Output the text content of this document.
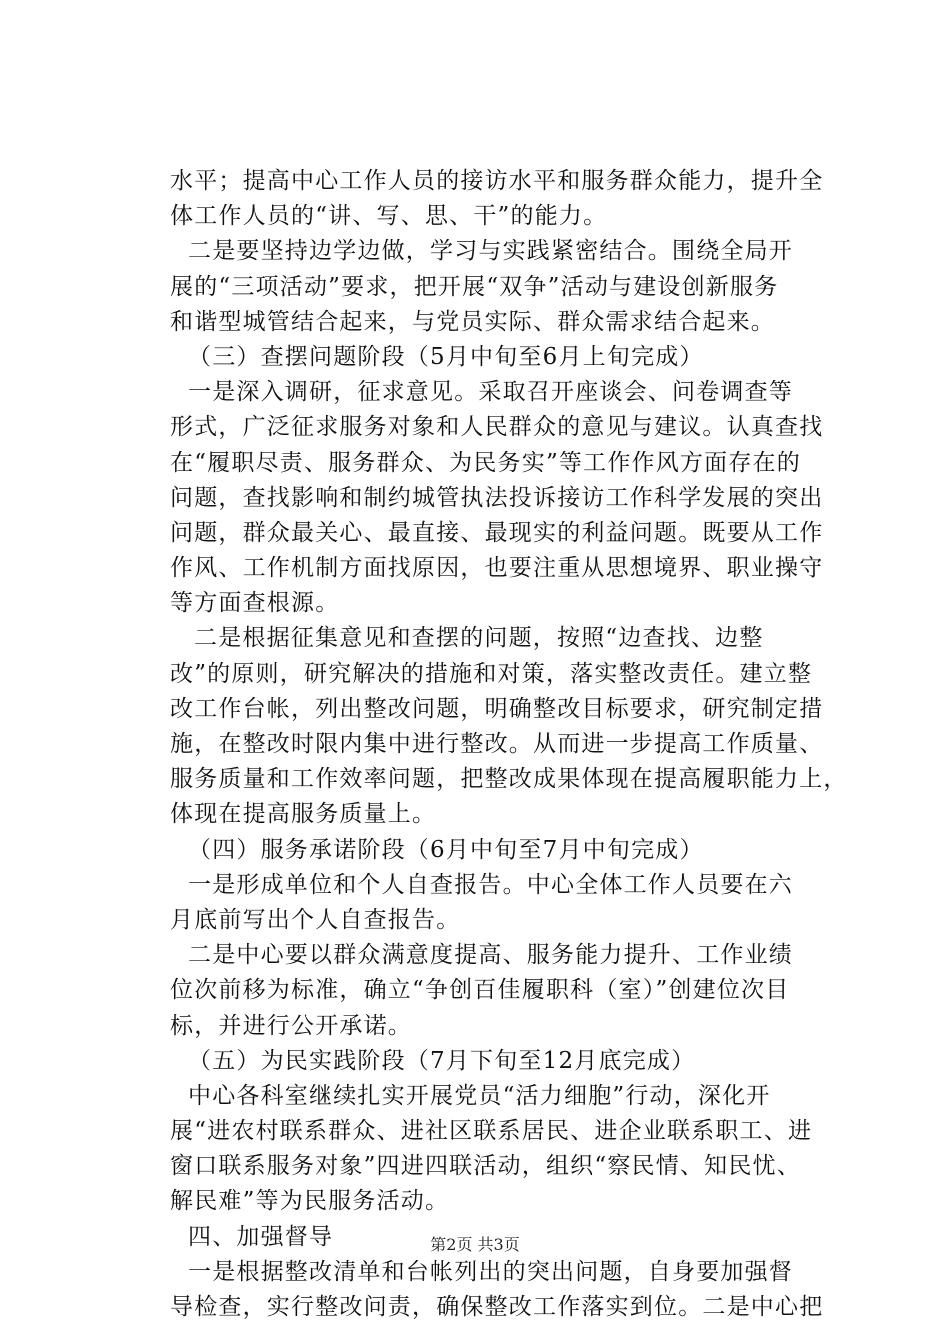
水平；提高中心工作人员的接访水平和服务群众能力，提升全
体工作人员的“讲、写、思、干”的能力。
二是要坚持边学边做，学习与实践紧密结合。围绕全局开
展的“三项活动”要求，把开展“双争”活动与建设创新服务
和谐型城管结合起来，与党员实际、群众需求结合起来。
（三）查摆问题阶段（5月中旬至6月上旬完成）
一是深入调研，征求意见。采取召开座谈会、问卷调查等
形式，广泛征求服务对象和人民群众的意见与建议。认真查找
在“履职尽责、服务群众、为民务实”等工作作风方面存在的
问题，查找影响和制约城管执法投诉接访工作科学发展的突出
问题，群众最关心、最直接、最现实的利益问题。既要从工作
作风、工作机制方面找原因，也要注重从思想境界、职业操守
等方面查根源。
二是根据征集意见和查摆的问题，按照“边查找、边整
改”的原则，研究解决的措施和对策，落实整改责任。建立整
改工作台帐，列出整改问题，明确整改目标要求，研究制定措
施，在整改时限内集中进行整改。从而进一步提高工作质量、
服务质量和工作效率问题，把整改成果体现在提高履职能力上，
体现在提高服务质量上。
（四）服务承诺阶段（6月中旬至7月中旬完成）
一是形成单位和个人自查报告。中心全体工作人员要在六
月底前写出个人自查报告。
二是中心要以群众满意度提高、服务能力提升、工作业绩
位次前移为标准，确立“争创百佳履职科（室）”创建位次目
标，并进行公开承诺。
（五）为民实践阶段（7月下旬至12月底完成）
中心各科室继续扎实开展党员“活力细胞”行动，深化开
展“进农村联系群众、进社区联系居民、进企业联系职工、进
窗口联系服务对象”四进四联活动，组织“察民情、知民忧、
解民难”等为民服务活动。
四、加强督导
一是根据整改清单和台帐列出的突出问题，自身要加强督
导检查，实行整改问责，确保整改工作落实到位。二是中心把
第2页 共3页
